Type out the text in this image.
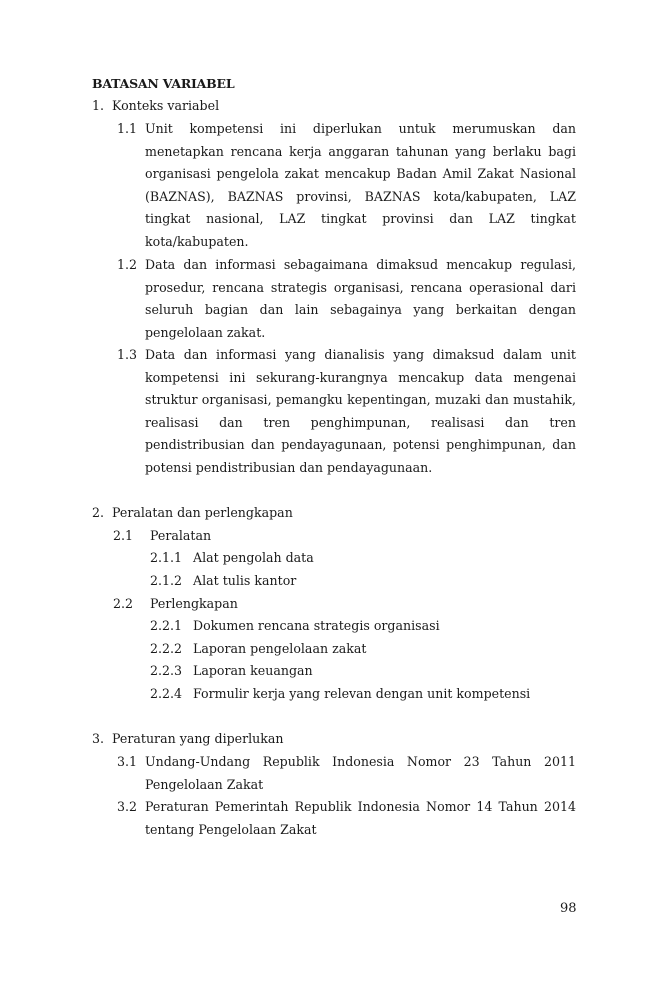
BATASAN VARIABEL
1. Konteks variabel
1.1 Unit kompetensi ini diperlukan untuk merumuskan dan menetapkan rencana kerja anggaran tahunan yang berlaku bagi organisasi pengelola zakat mencakup Badan Amil Zakat Nasional (BAZNAS), BAZNAS provinsi, BAZNAS kota/kabupaten, LAZ tingkat nasional, LAZ tingkat provinsi dan LAZ tingkat kota/kabupaten.
1.2 Data dan informasi sebagaimana dimaksud mencakup regulasi, prosedur, rencana strategis organisasi, rencana operasional dari seluruh bagian dan lain sebagainya yang berkaitan dengan pengelolaan zakat.
1.3 Data dan informasi yang dianalisis yang dimaksud dalam unit kompetensi ini sekurang-kurangnya mencakup data mengenai struktur organisasi, pemangku kepentingan, muzaki dan mustahik, realisasi dan tren penghimpunan, realisasi dan tren pendistribusian dan pendayagunaan, potensi penghimpunan, dan potensi pendistribusian dan pendayagunaan.
2. Peralatan dan perlengkapan
2.1 Peralatan
2.1.1 Alat pengolah data
2.1.2 Alat tulis kantor
2.2 Perlengkapan
2.2.1 Dokumen rencana strategis organisasi
2.2.2 Laporan pengelolaan zakat
2.2.3 Laporan keuangan
2.2.4 Formulir kerja yang relevan dengan unit kompetensi
3. Peraturan yang diperlukan
3.1 Undang-Undang Republik Indonesia Nomor 23 Tahun 2011 Pengelolaan Zakat
3.2 Peraturan Pemerintah Republik Indonesia Nomor 14 Tahun 2014 tentang Pengelolaan Zakat
98
